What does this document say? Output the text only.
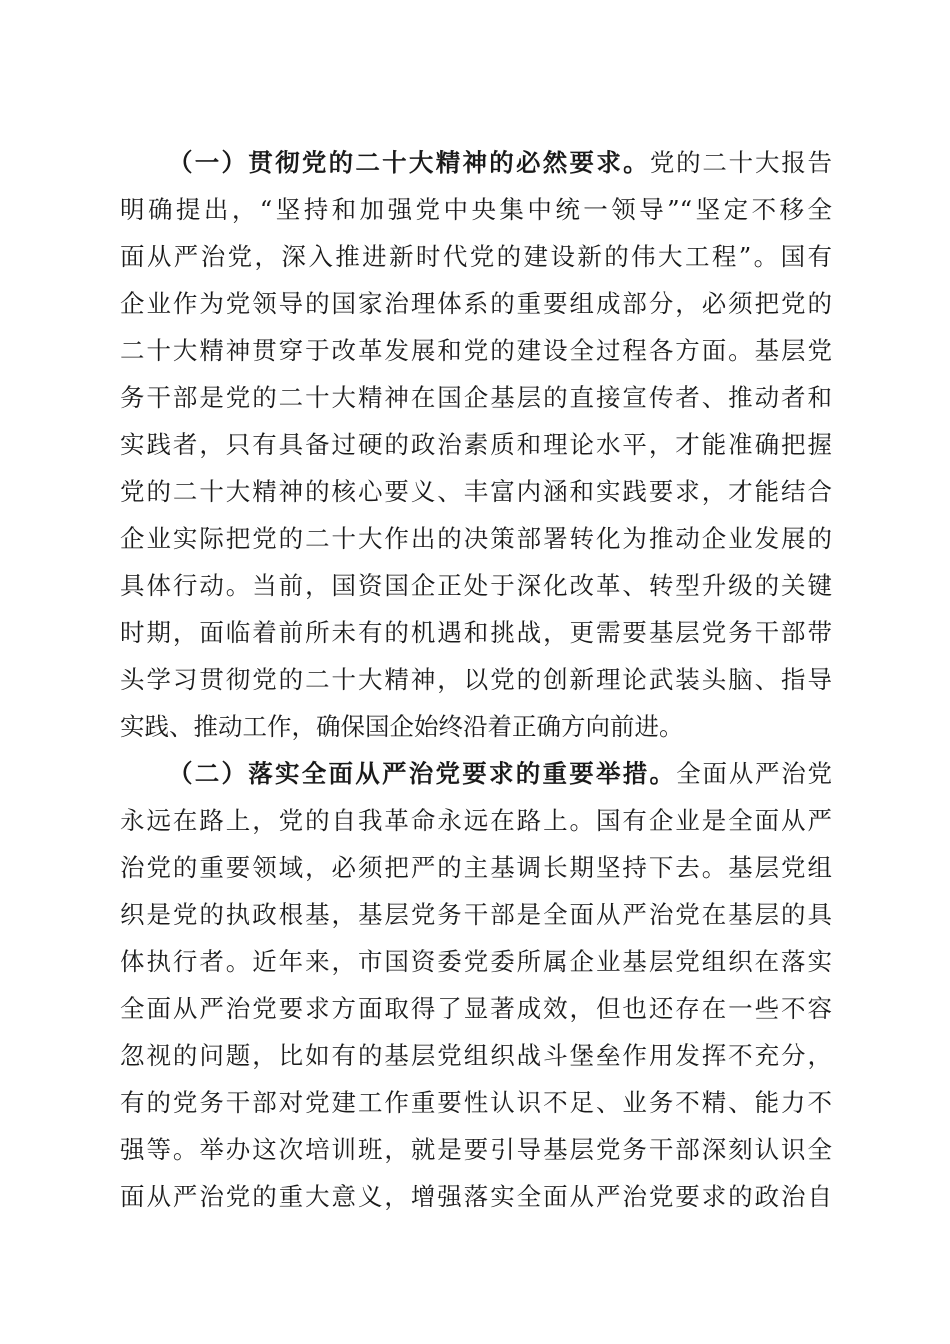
（一）贯彻党的二十大精神的必然要求。党的二十大报告
明确提出，“坚持和加强党中央集中统一领导”“坚定不移全
面从严治党，深入推进新时代党的建设新的伟大工程”。国有
企业作为党领导的国家治理体系的重要组成部分，必须把党的
二十大精神贯穿于改革发展和党的建设全过程各方面。基层党
务干部是党的二十大精神在国企基层的直接宣传者、推动者和
实践者，只有具备过硬的政治素质和理论水平，才能准确把握
党的二十大精神的核心要义、丰富内涵和实践要求，才能结合
企业实际把党的二十大作出的决策部署转化为推动企业发展的
具体行动。当前，国资国企正处于深化改革、转型升级的关键
时期，面临着前所未有的机遇和挑战，更需要基层党务干部带
头学习贯彻党的二十大精神，以党的创新理论武装头脑、指导
实践、推动工作，确保国企始终沿着正确方向前进。
（二）落实全面从严治党要求的重要举措。全面从严治党
永远在路上，党的自我革命永远在路上。国有企业是全面从严
治党的重要领域，必须把严的主基调长期坚持下去。基层党组
织是党的执政根基，基层党务干部是全面从严治党在基层的具
体执行者。近年来，市国资委党委所属企业基层党组织在落实
全面从严治党要求方面取得了显著成效，但也还存在一些不容
忽视的问题，比如有的基层党组织战斗堡垒作用发挥不充分，
有的党务干部对党建工作重要性认识不足、业务不精、能力不
强等。举办这次培训班，就是要引导基层党务干部深刻认识全
面从严治党的重大意义，增强落实全面从严治党要求的政治自
